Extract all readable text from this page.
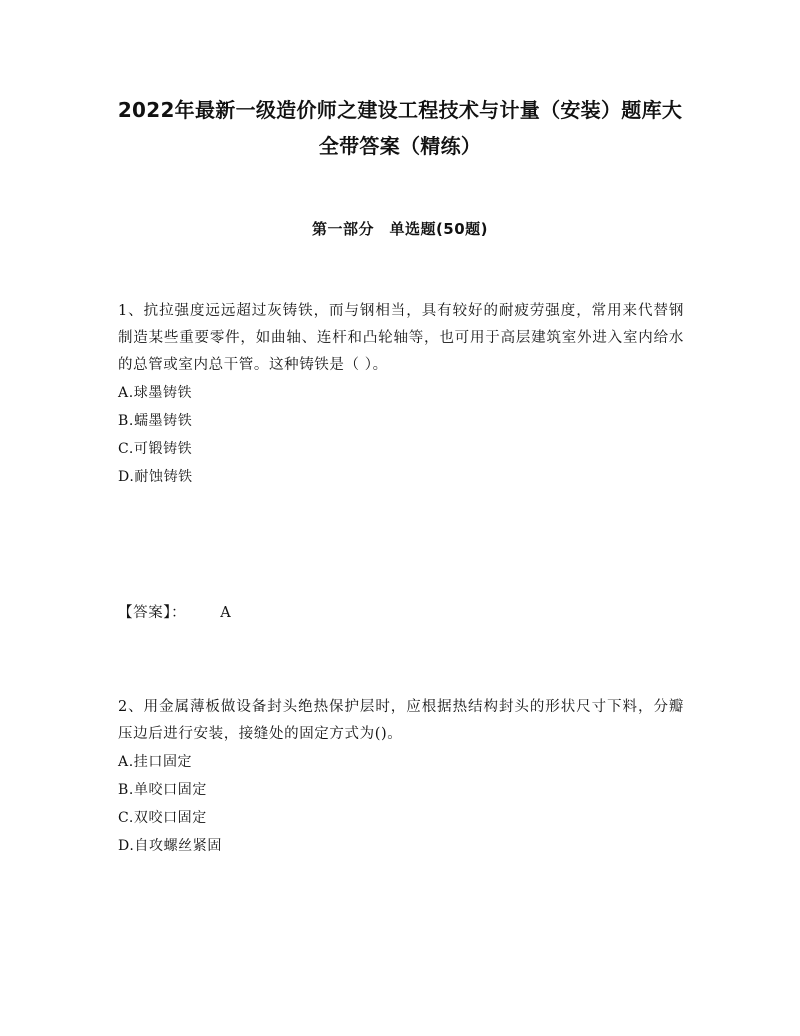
2022年最新一级造价师之建设工程技术与计量（安装）题库大全带答案（精练）
第一部分　单选题(50题)

1、抗拉强度远远超过灰铸铁，而与钢相当，具有较好的耐疲劳强度，常用来代替钢制造某些重要零件，如曲轴、连杆和凸轮轴等，也可用于高层建筑室外进入室内给水的总管或室内总干管。这种铸铁是（ ）。

A.球墨铸铁
B.蠕墨铸铁
C.可锻铸铁
D.耐蚀铸铁
【答案】： A

2、用金属薄板做设备封头绝热保护层时，应根据热结构封头的形状尺寸下料，分瓣压边后进行安装，接缝处的固定方式为()。

A.挂口固定
B.单咬口固定
C.双咬口固定
D.自攻螺丝紧固
